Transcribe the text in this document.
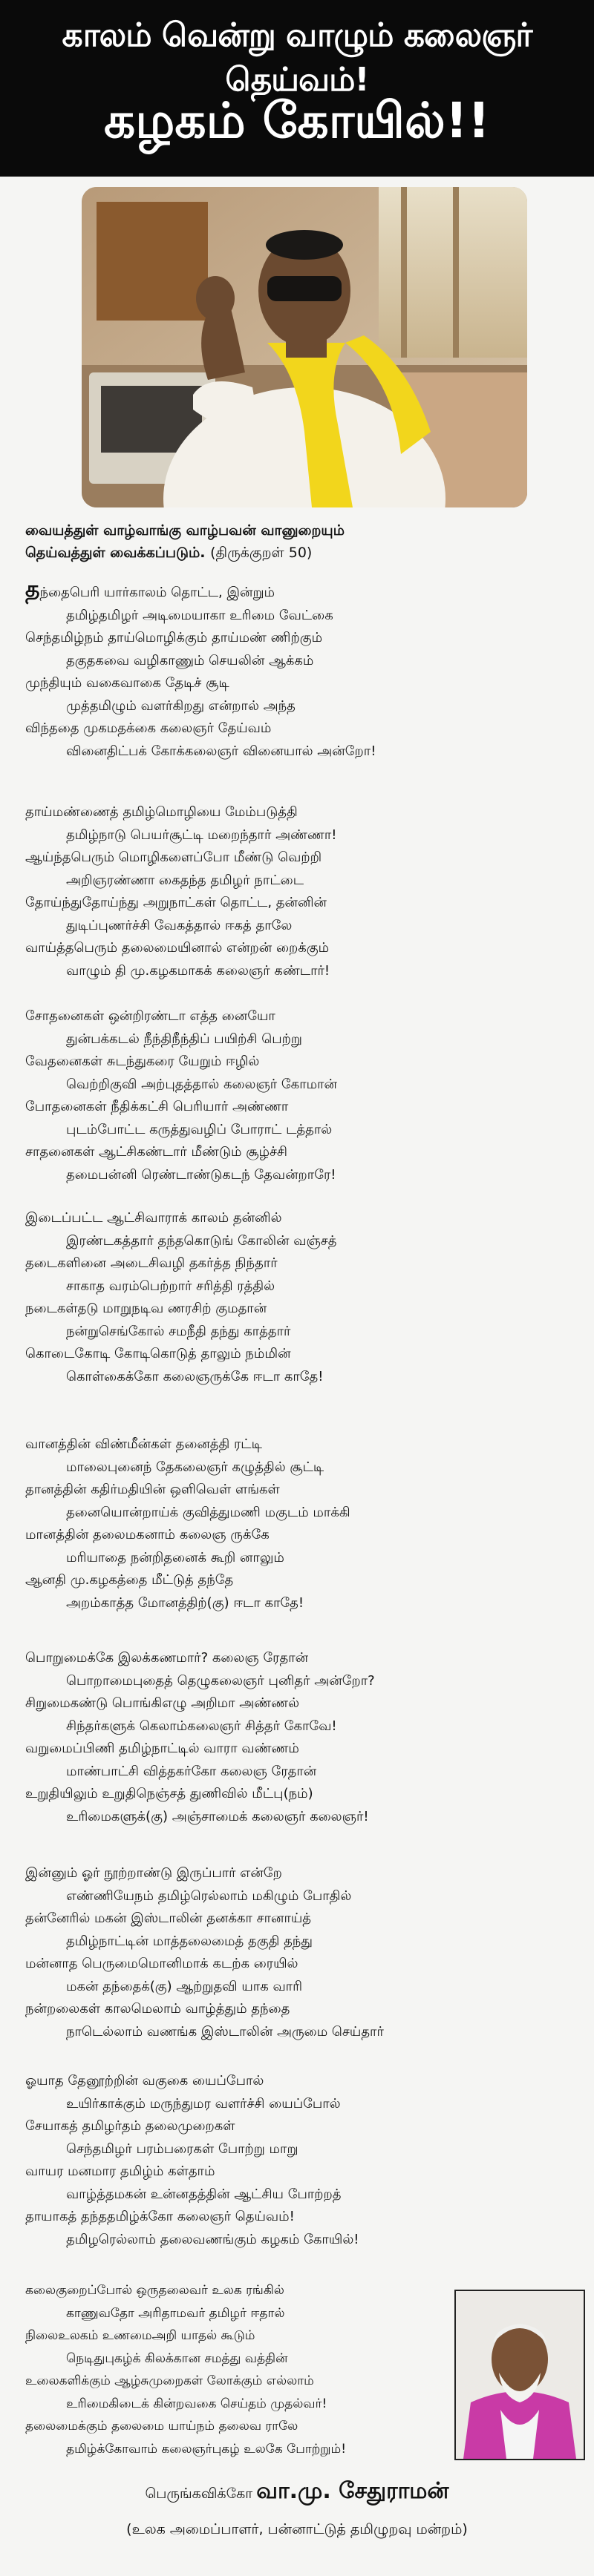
காலம் வென்று வாழும் கலைஞர் தெய்வம்!
கழகம் கோயில்!!
வையத்துள் வாழ்வாங்கு வாழ்பவன் வானுறையும்
தெய்வத்துள் வைக்கப்படும். (திருக்குறள் 50)
தந்தைபெரி யார்காலம் தொட்ட, இன்றும்
தமிழ்தமிழர் அடிமையாகா உரிமை வேட்கை
செந்தமிழ்நம் தாய்மொழிக்கும் தாய்மண் ணிற்கும்
தகுதகவை வழிகாணும் செயலின் ஆக்கம்
முந்தியும் வகைவாகை தேடிச் சூடி
முத்தமிழும் வளர்கிறது என்றால் அந்த
விந்ததை முகமதக்கை கலைஞர் தேய்வம்
வினைதிட்பக் கோக்கலைஞர் வினையால் அன்றோ!
தாய்மண்ணைத் தமிழ்மொழியை மேம்படுத்தி
தமிழ்நாடு பெயர்சூட்டி மறைந்தார் அண்ணா!
ஆய்ந்தபெரும் மொழிகளைப்போ மீண்டு வெற்றி
அறிஞரண்ணா கைதந்த தமிழர் நாட்டை
தோய்ந்துதோய்ந்து அறுநாட்கள் தொட்ட, தன்னின்
துடிப்புணர்ச்சி வேகத்தால் ஈகத் தாலே
வாய்த்தபெரும் தலைமையினால் என்றன் றைக்கும்
வாழும் தி மு.கழகமாகக் கலைஞர் கண்டார்!
சோதனைகள் ஒன்றிரண்டா எத்த னையோ
துன்பக்கடல் நீந்திநீந்திப் பயிற்சி பெற்று
வேதனைகள் சுடந்துகரை யேறும் ஈழில்
வெற்றிகுவி அற்புதத்தால் கலைஞர் கோமான்
போதனைகள் நீதிக்கட்சி பெரியார் அண்ணா
புடம்போட்ட கருத்துவழிப் போராட் டத்தால்
சாதனைகள் ஆட்சிகண்டார் மீண்டும் சூழ்ச்சி
தமைபன்னி ரெண்டாண்டுகடந் தேவன்றாரே!
இடைப்பட்ட ஆட்சிவாராக் காலம் தன்னில்
இரண்டகத்தார் தந்தகொடுங் கோலின் வஞ்சத்
தடைகளினை அடைசிவழி தகர்த்த நிந்தார்
சாகாத வரம்பெற்றார் சரித்தி ரத்தில்
நடைகள்தடு மாறுநடிவ ணரசிற் குமதான்
நன்றுசெங்கோல் சமநீதி தந்து காத்தார்
கொடைகோடி கோடிகொடுத் தாலும் நம்மின்
கொள்கைக்கோ கலைஞருக்கே ஈடா காதே!
வானத்தின் விண்மீன்கள் தனைத்தி ரட்டி
மாலைபுனைந் தேகலைஞர் கழுத்தில் சூட்டி
தானத்தின் கதிர்மதியின் ஒளிவெள் ளங்கள்
தனையொன்றாய்க் குவித்துமணி மகுடம் மாக்கி
மானத்தின் தலைமகனாம் கலைஞ ருக்கே
மரியாதை நன்றிதனைக் கூறி னாலும்
ஆனதி மு.கழகத்தை மீட்டுத் தந்தே
அறம்காத்த மோனத்திற்(கு) ஈடா காதே!
பொறுமைக்கே இலக்கணமார்? கலைஞ ரேதான்
பொறாமைபுதைத் தெழுகலைஞர் புனிதர் அன்றோ?
சிறுமைகண்டு பொங்கிஎழு அறிமா அண்ணல்
சிந்தர்களுக் கெலாம்கலைஞர் சித்தர் கோவே!
வறுமைப்பிணி தமிழ்நாட்டில் வாரா வண்ணம்
மாண்பாட்சி வித்தகர்கோ கலைஞ ரேதான்
உறுதியிலும் உறுதிநெஞ்சத் துணிவில் மீட்பு(நம்)
உரிமைகளுக்(கு) அஞ்சாமைக் கலைஞர் கலைஞர்!
இன்னும் ஓர் நூற்றாண்டு இருப்பார் என்றே
எண்ணியேநம் தமிழ்ரெல்லாம் மகிழும் போதில்
தன்னேரில் மகன் இஸ்டாலின் தனக்கா சானாய்த்
தமிழ்நாட்டின் மாத்தலைமைத் தகுதி தந்து
மன்னாத பெருமைமொனிமாக் கடற்க ரையில்
மகன் தந்தைக்(கு) ஆற்றுதவி யாக வாரி
நன்றலைகள் காலமெலாம் வாழ்த்தும் தந்தை
நாடெல்லாம் வணங்க இஸ்டாலின் அருமை செய்தார்
ஓயாத தேனூற்றின் வகுகை யைப்போல்
உயிர்காக்கும் மருந்துமர வளர்ச்சி யைப்போல்
சேயாகத் தமிழர்தம் தலைமுறைகள்
செந்தமிழர் பரம்பரைகள் போற்று மாறு
வாயர மனமார தமிழ்ம் கள்தாம்
வாழ்த்தமகன் உன்னதத்தின் ஆட்சிய போற்றத்
தாயாகத் தந்ததமிழ்க்கோ கலைஞர் தெய்வம்!
தமிழரெல்லாம் தலைவணங்கும் கழகம் கோயில்!
கலைகுறைப்போல் ஒருதலைவர் உலக ரங்கில்
காணுவதோ அரிதாமவர் தமிழர் ஈதால்
நிலைஉலகம் உணமைஅறி யாதல் கூடும்
நெடிதுபுகழ்க் கிலக்கான சமத்து வத்தின்
உலைகளிக்கும் ஆழ்சுமுறைகள் லோக்கும் எல்லாம்
உரிமைகிடைக் கின்றவகை செய்தம் முதல்வர்!
தலைமைக்கும் தலைமை யாய்நம் தலைவ ராலே
தமிழ்க்கோவாம் கலைஞர்புகழ் உலகே போற்றும்!
பெருங்கவிக்கோ வா.மு. சேதுராமன்
(உலக அமைப்பாளர், பன்னாட்டுத் தமிழுறவு மன்றம்)
